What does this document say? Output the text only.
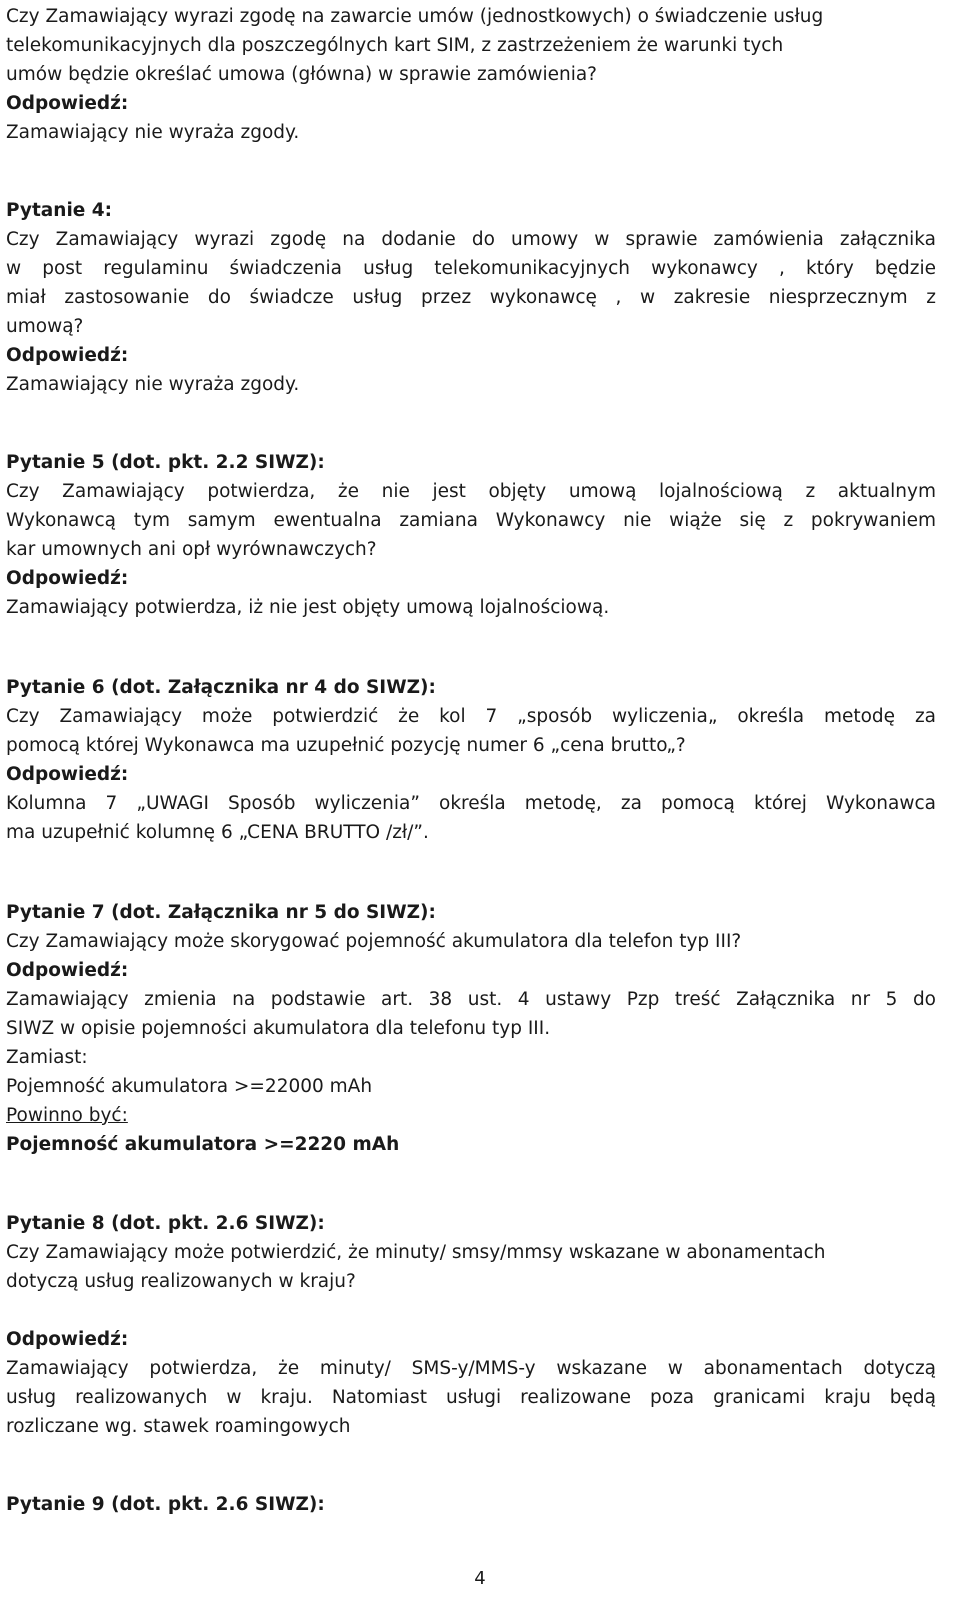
Czy Zamawiający wyrazi zgodę na zawarcie umów (jednostkowych) o świadczenie usług
telekomunikacyjnych dla poszczególnych kart SIM, z zastrzeżeniem że warunki tych
umów będzie określać umowa (główna) w sprawie zamówienia?
Odpowiedź:
Zamawiający nie wyraża zgody.
Pytanie 4:
Czy Zamawiający wyrazi zgodę na dodanie do umowy w sprawie zamówienia załącznika
w post regulaminu świadczenia usług telekomunikacyjnych wykonawcy , który będzie
miał zastosowanie do świadcze usług przez wykonawcę , w zakresie niesprzecznym z
umową?
Odpowiedź:
Zamawiający nie wyraża zgody.
Pytanie 5 (dot. pkt. 2.2 SIWZ):
Czy Zamawiający potwierdza, że nie jest objęty umową lojalnościową z aktualnym
Wykonawcą tym samym ewentualna zamiana Wykonawcy nie wiąże się z pokrywaniem
kar umownych ani opł wyrównawczych?
Odpowiedź:
Zamawiający potwierdza, iż nie jest objęty umową lojalnościową.
Pytanie 6 (dot. Załącznika nr 4 do SIWZ):
Czy Zamawiający może potwierdzić że kol 7 „sposób wyliczenia„ określa metodę za
pomocą której Wykonawca ma uzupełnić pozycję numer 6 „cena brutto„?
Odpowiedź:
Kolumna 7 „UWAGI Sposób wyliczenia” określa metodę, za pomocą której Wykonawca
ma uzupełnić kolumnę 6 „CENA BRUTTO /zł/”.
Pytanie 7 (dot. Załącznika nr 5 do SIWZ):
Czy Zamawiający może skorygować pojemność akumulatora dla telefon typ III?
Odpowiedź:
Zamawiający zmienia na podstawie art. 38 ust. 4 ustawy Pzp treść Załącznika nr 5 do
SIWZ w opisie pojemności akumulatora dla telefonu typ III.
Zamiast:
Pojemność akumulatora >=22000 mAh
Powinno być:
Pojemność akumulatora >=2220 mAh
Pytanie 8 (dot. pkt. 2.6 SIWZ):
Czy Zamawiający może potwierdzić, że minuty/ smsy/mmsy wskazane w abonamentach
dotyczą usług realizowanych w kraju?
Odpowiedź:
Zamawiający potwierdza, że minuty/ SMS-y/MMS-y wskazane w abonamentach dotyczą
usług realizowanych w kraju. Natomiast usługi realizowane poza granicami kraju będą
rozliczane wg. stawek roamingowych
Pytanie 9 (dot. pkt. 2.6 SIWZ):
4
